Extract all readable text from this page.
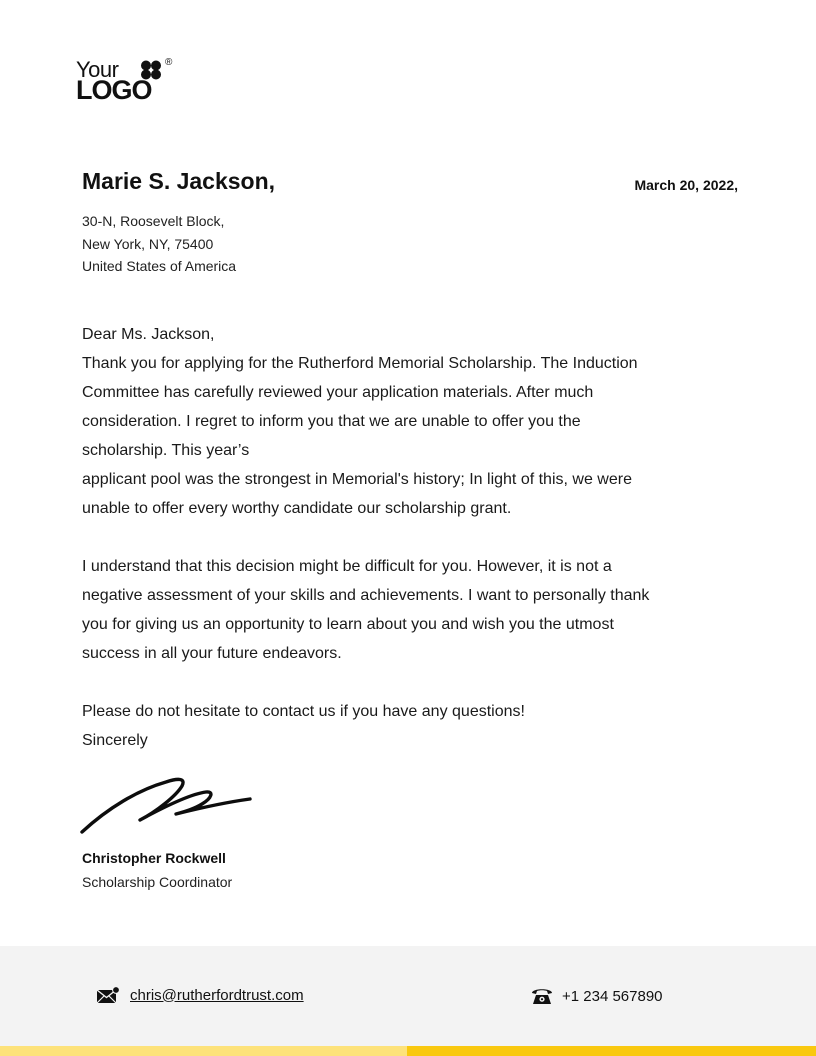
Your	®
LOGO
Marie S. Jackson,	March 20, 2022,
30-N, Roosevelt Block,
New York, NY, 75400
United States of America

Dear Ms. Jackson,

Thank you for applying for the Rutherford Memorial Scholarship. The Induction

Committee has carefully reviewed your application materials. After much

consideration. I regret to inform you that we are unable to offer you the

scholarship. This year’s

applicant pool was the strongest in Memorial's history; In light of this, we were

unable to offer every worthy candidate our scholarship grant.

I understand that this decision might be difficult for you. However, it is not a

negative assessment of your skills and achievements. I want to personally thank

you for giving us an opportunity to learn about you and wish you the utmost

success in all your future endeavors.

Please do not hesitate to contact us if you have any questions!

Sincerely

Christopher Rockwell
Scholarship Coordinator
chris@rutherfordtrust.com	+1 234 567890
